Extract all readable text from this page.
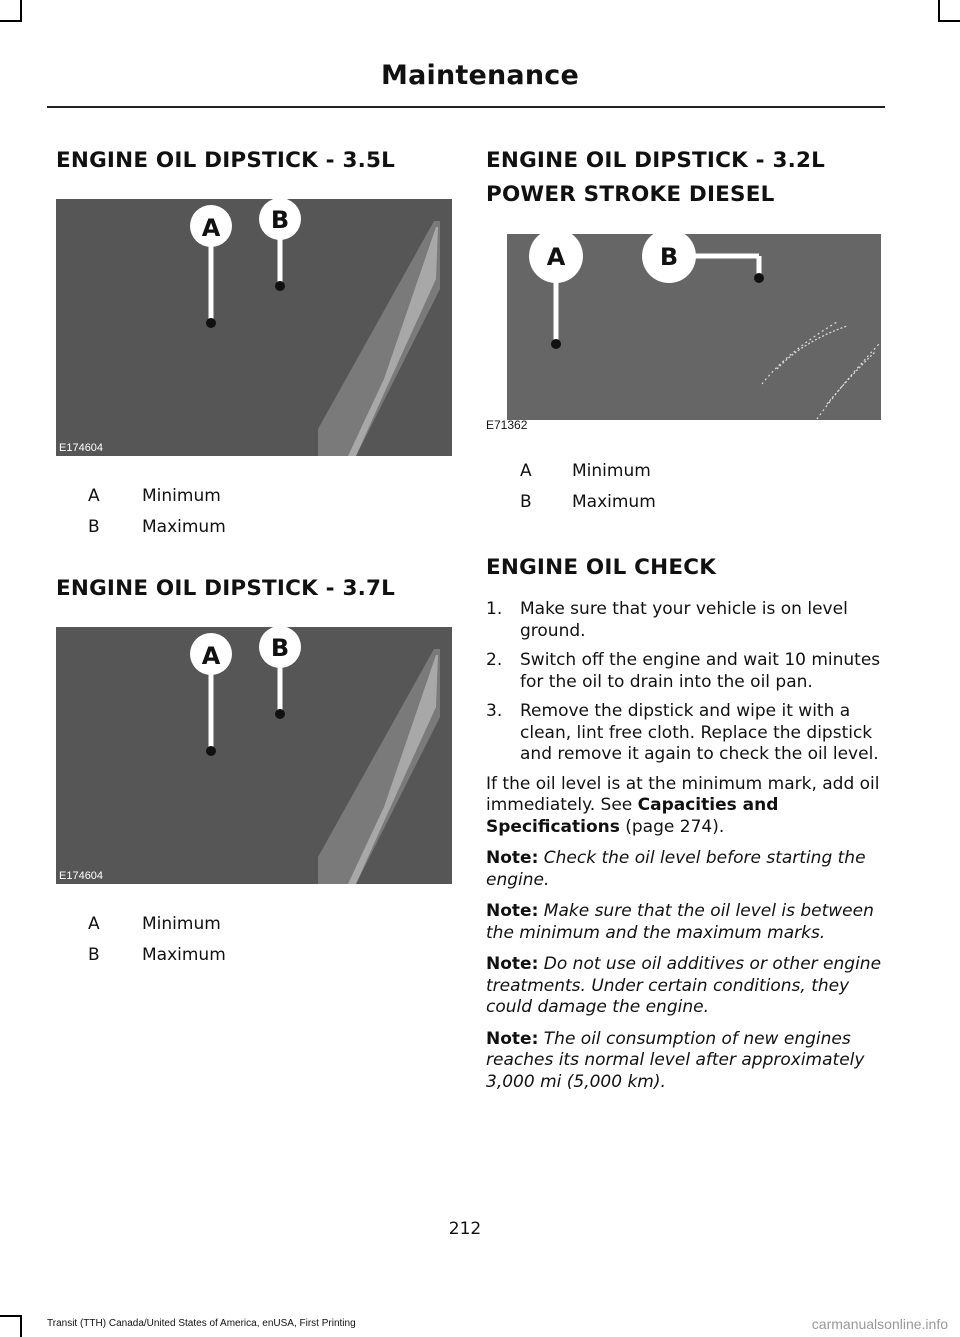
Maintenance
ENGINE OIL DIPSTICK - 3.5L
A B
E174604
A	Minimum
B	Maximum
ENGINE OIL DIPSTICK - 3.7L
A B
E174604
A	Minimum
B	Maximum
ENGINE OIL DIPSTICK - 3.2L
POWER STROKE DIESEL
A	B
E71362
A	Minimum
B	Maximum
ENGINE OIL CHECK
1. Make sure that your vehicle is on level ground.
2. Switch off the engine and wait 10 minutes for the oil to drain into the oil pan.
3. Remove the dipstick and wipe it with a clean, lint free cloth. Replace the dipstick and remove it again to check the oil level.

If the oil level is at the minimum mark, add oil immediately. See Capacities and Specifications (page 274).

Note: Check the oil level before starting the engine.

Note: Make sure that the oil level is between the minimum and the maximum marks.

Note: Do not use oil additives or other engine treatments. Under certain conditions, they could damage the engine.

Note: The oil consumption of new engines reaches its normal level after approximately 3,000 mi (5,000 km).

212
Transit (TTH) Canada/United States of America, enUSA, First Printing	carmanualsonline.info
